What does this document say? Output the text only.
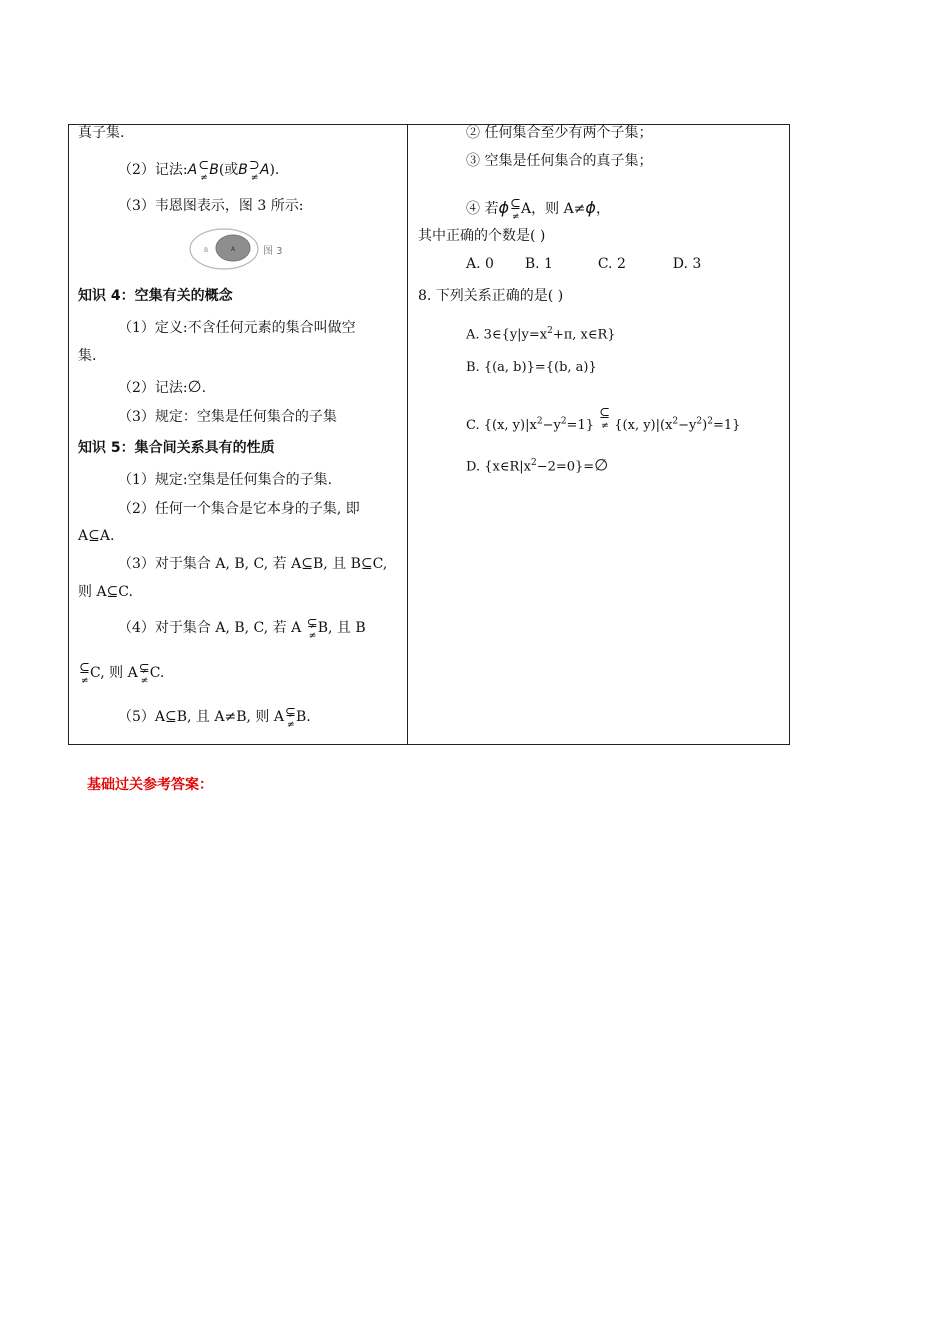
真子集.
（2）记法:A ⊂
≠ B(或B ⊃
≠ A).
（3）韦恩图表示，图 3 所示:
B	A	图 3
知识 4：空集有关的概念
（1）定义:不含任何元素的集合叫做空
集.
（2）记法:∅.
（3）规定：空集是任何集合的子集
知识 5：集合间关系具有的性质
（1）规定:空集是任何集合的子集.
（2）任何一个集合是它本身的子集, 即
A⊆A.
（3）对于集合 A, B, C, 若 A⊆B, 且 B⊆C,
则 A⊆C.
（4）对于集合 A, B, C, 若 A ⊊
≠ B, 且 B
⊆
≠ C, 则 A ⊊
≠ C.
（5）A⊆B, 且 A≠B, 则 A ⊊
≠ B.
② 任何集合至少有两个子集；
③ 空集是任何集合的真子集；
④ 若ϕ ⊆
≠ A，则 A≠ϕ，
其中正确的个数是( )
A. 0 B. 1	C. 2	D. 3
8. 下列关系正确的是( )
A. $3\in\{y|y=x^2+\pi$, x∈R}
B. {(a, b)}={(b, a)}
C. {(x, $y)|x^2-y^2=1$}
⊆
≠ {(x, $y)|(x^2-y^2)^2=1$}
D. $\{x\in R|x^2-2=0\}=\emptyset$
基础过关参考答案：
